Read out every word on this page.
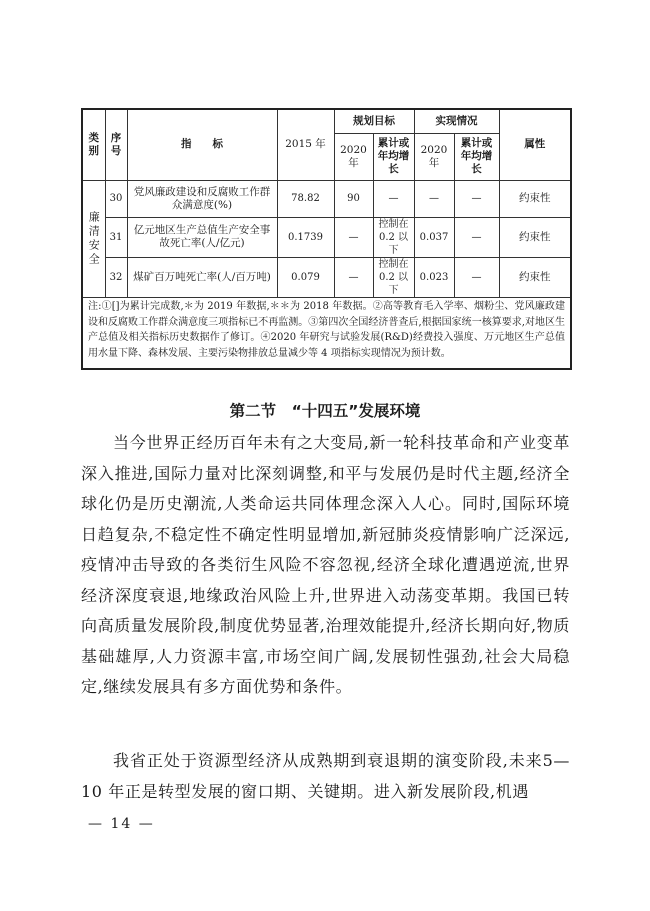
类别	序号	指　　标	2015 年	规划目标		实现情况		属性
				2020 年	累计或年均增长	2020 年	累计或年均增长	
廉清安全	30	党风廉政建设和反腐败工作群众满意度(%)	78.82	90	—	—	—	约束性
	31	亿元地区生产总值生产安全事故死亡率(人/亿元)	0.1739	—	控制在0.2 以下	0.037	—	约束性
	32	煤矿百万吨死亡率(人/百万吨)	0.079	—	控制在0.2 以下	0.023	—	约束性
注:①[]为累计完成数,＊为 2019 年数据,＊＊为 2018 年数据。②高等教育毛入学率、烟粉尘、党风廉政建设和反腐败工作群众满意度三项指标已不再监测。③第四次全国经济普查后,根据国家统一核算要求,对地区生产总值及相关指标历史数据作了修订。④2020 年研究与试验发展(R&D)经费投入强度、万元地区生产总值用水量下降、森林发展、主要污染物排放总量减少等 4 项指标实现情况为预计数。
第二节　“十四五”发展环境

当今世界正经历百年未有之大变局,新一轮科技革命和产业变革深入推进,国际力量对比深刻调整,和平与发展仍是时代主题,经济全球化仍是历史潮流,人类命运共同体理念深入人心。同时,国际环境日趋复杂,不稳定性不确定性明显增加,新冠肺炎疫情影响广泛深远,疫情冲击导致的各类衍生风险不容忽视,经济全球化遭遇逆流,世界经济深度衰退,地缘政治风险上升,世界进入动荡变革期。我国已转向高质量发展阶段,制度优势显著,治理效能提升,经济长期向好,物质基础雄厚,人力资源丰富,市场空间广阔,发展韧性强劲,社会大局稳定,继续发展具有多方面优势和条件。

我省正处于资源型经济从成熟期到衰退期的演变阶段,未来5—10 年正是转型发展的窗口期、关键期。进入新发展阶段,机遇

— 14 —
